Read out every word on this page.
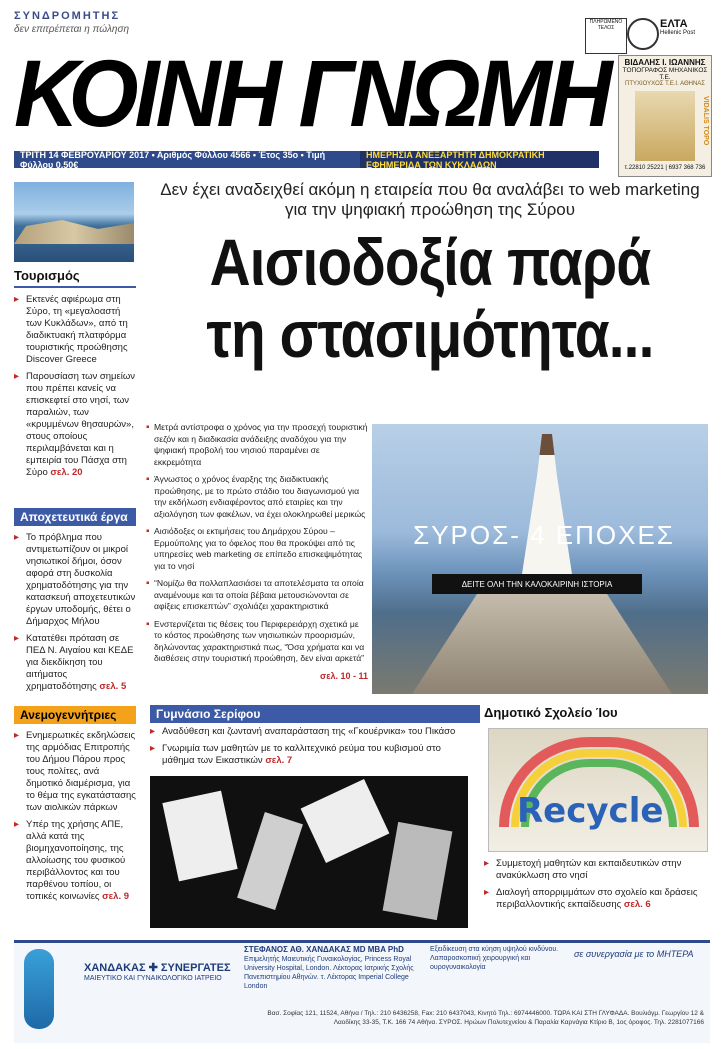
ΣΥΝΔΡΟΜΗΤΗΣ
δεν επιτρέπεται η πώληση
ΚΟΙΝΗ ΓΝΩΜΗ
ΠΛΗΡΩΜΕΝΟ ΤΕΛΟΣ	ΕΛΤΑ
Hellenic Post
ΒΙΔΑΛΗΣ Ι. ΙΩΑΝΝΗΣ
ΤΟΠΟΓΡΑΦΟΣ ΜΗΧΑΝΙΚΟΣ Τ.Ε.
ΠΤΥΧΙΟΥΧΟΣ Τ.Ε.Ι. ΑΘΗΝΑΣ
τ.22810 25221 | 6937 368 736
VIDALIS TOPO
ΤΡΙΤΗ 14 ΦΕΒΡΟΥΑΡΙΟΥ 2017 • Αριθμός Φύλλου 4566 • Έτος 35ο • Τιμή Φύλλου 0,50€
ΗΜΕΡΗΣΙΑ ΑΝΕΞΑΡΤΗΤΗ ΔΗΜΟΚΡΑΤΙΚΗ ΕΦΗΜΕΡΙΔΑ ΤΩΝ ΚΥΚΛΑΔΩΝ
Τουρισμός
▸ Εκτενές αφιέρωμα στη Σύρο, τη «μεγαλοαστή των Κυκλάδων», από τη διαδικτυακή πλατφόρμα τουριστικής προώθησης Discover Greece
▸ Παρουσίαση των σημείων που πρέπει κανείς να επισκεφτεί στο νησί, των παραλιών, των «κρυμμένων θησαυρών», στους οποίους περιλαμβάνεται και η εμπειρία του Πάσχα στη Σύρο σελ. 20
Αποχετευτικά έργα
▸ Το πρόβλημα που αντιμετωπίζουν οι μικροί νησιωτικοί δήμοι, όσον αφορά στη δυσκολία χρηματοδότησης για την κατασκευή αποχετευτικών έργων υποδομής, θέτει ο Δήμαρχος Μήλου
▸ Κατατέθει πρόταση σε ΠΕΔ Ν. Αιγαίου και ΚΕΔΕ για διεκδίκηση του αιτήματος χρηματοδότησης σελ. 5
Ανεμογεννήτριες
▸ Ενημερωτικές εκδηλώσεις της αρμόδιας Επιτροπής του Δήμου Πάρου προς τους πολίτες, ανά δημοτικό διαμέρισμα, για το θέμα της εγκατάστασης των αιολικών πάρκων
▸ Υπέρ της χρήσης ΑΠΕ, αλλά κατά της βιομηχανοποίησης, της αλλοίωσης του φυσικού περιβάλλοντος και του παρθένου τοπίου, οι τοπικές κοινωνίες σελ. 9
Δεν έχει αναδειχθεί ακόμη η εταιρεία που θα αναλάβει το web marketing για την ψηφιακή προώθηση της Σύρου
Αισιοδοξία παρά τη στασιμότητα...
▪ Μετρά αντίστροφα ο χρόνος για την προσεχή τουριστική σεζόν και η διαδικασία ανάδειξης αναδόχου για την ψηφιακή προβολή του νησιού παραμένει σε εκκρεμότητα
▪ Άγνωστος ο χρόνος έναρξης της διαδικτυακής προώθησης, με το πρώτο στάδιο του διαγωνισμού για την εκδήλωση ενδιαφέροντος από εταιρίες και την αξιολόγηση των φακέλων, να έχει ολοκληρωθεί μερικώς
▪ Αισιόδοξες οι εκτιμήσεις του Δημάρχου Σύρου – Ερμούπολης για το όφελος που θα προκύψει από τις υπηρεσίες web marketing σε επίπεδο επισκεψιμότητας για το νησί
▪ “Νομίζω θα πολλαπλασιάσει τα αποτελέσματα τα οποία αναμένουμε και τα οποία βέβαια μετουσιώνονται σε αφίξεις επισκεπτών” σχολιάζει χαρακτηριστικά
▪ Ενστερνίζεται τις θέσεις του Περιφερειάρχη σχετικά με το κόστος προώθησης των νησιωτικών προορισμών, δηλώνοντας χαρακτηριστικά πως, “Όσα χρήματα και να διαθέσεις στην τουριστική προώθηση, δεν είναι αρκετά”
σελ. 10 - 11
ΣΥΡΟΣ- 4 ΕΠΟΧΕΣ
ΔΕΙΤΕ ΟΛΗ ΤΗΝ ΚΑΛΟΚΑΙΡΙΝΗ ΙΣΤΟΡΙΑ
Γυμνάσιο Σερίφου
▸ Αναδύθεση και ζωντανή αναπαράσταση της «Γκουέρνικα» του Πικάσο
▸ Γνωριμία των μαθητών με το καλλιτεχνικό ρεύμα του κυβισμού στο μάθημα των Εικαστικών σελ. 7
Δημοτικό Σχολείο Ίου
Recycle
▸ Συμμετοχή μαθητών και εκπαιδευτικών στην ανακύκλωση στο νησί
▸ Διαλογή απορριμμάτων στο σχολείο και δράσεις περιβαλλοντικής εκπαίδευσης σελ. 6
ΧΑΝΔΑΚΑΣ ✚ ΣΥΝΕΡΓΑΤΕΣ
ΜΑΙΕΥΤΙΚΟ ΚΑΙ ΓΥΝΑΙΚΟΛΟΓΙΚΟ ΙΑΤΡΕΙΟ
ΣΤΕΦΑΝΟΣ ΑΘ. ΧΑΝΔΑΚΑΣ MD MBA PhD
Επιμελητής Μαιευτικής Γυναικολογίας, Princess Royal University Hospital, London. Λέκτορας Ιατρικής Σχολής Πανεπιστημίου Αθηνών. τ. Λέκτορας Imperial College London
Εξειδίκευση στα κύηση υψηλού κινδύνου. Λαπαροσκοπική χειρουργική και ουρογυναικολογία
σε συνεργασία με το ΜΗΤΕΡΑ
Βασ. Σοφίας 121, 11524, Αθήνα / Τηλ.: 210 6436258, Fax: 210 6437043, Κινητό Τηλ.: 6974446000. ΤΩΡΑ ΚΑΙ ΣΤΗ ΓΛΥΦΑΔΑ. Βουλιάγμ. Γεωργίου 12 & Λαοδίκης 33-35, Τ.Κ. 166 74 Αθήνα. ΣΥΡΟΣ. Ηρώων Πολυτεχνείου & Παραλία Καρνάγια Κτίριο Β, 1ος όροφος. Τηλ. 2281077166
